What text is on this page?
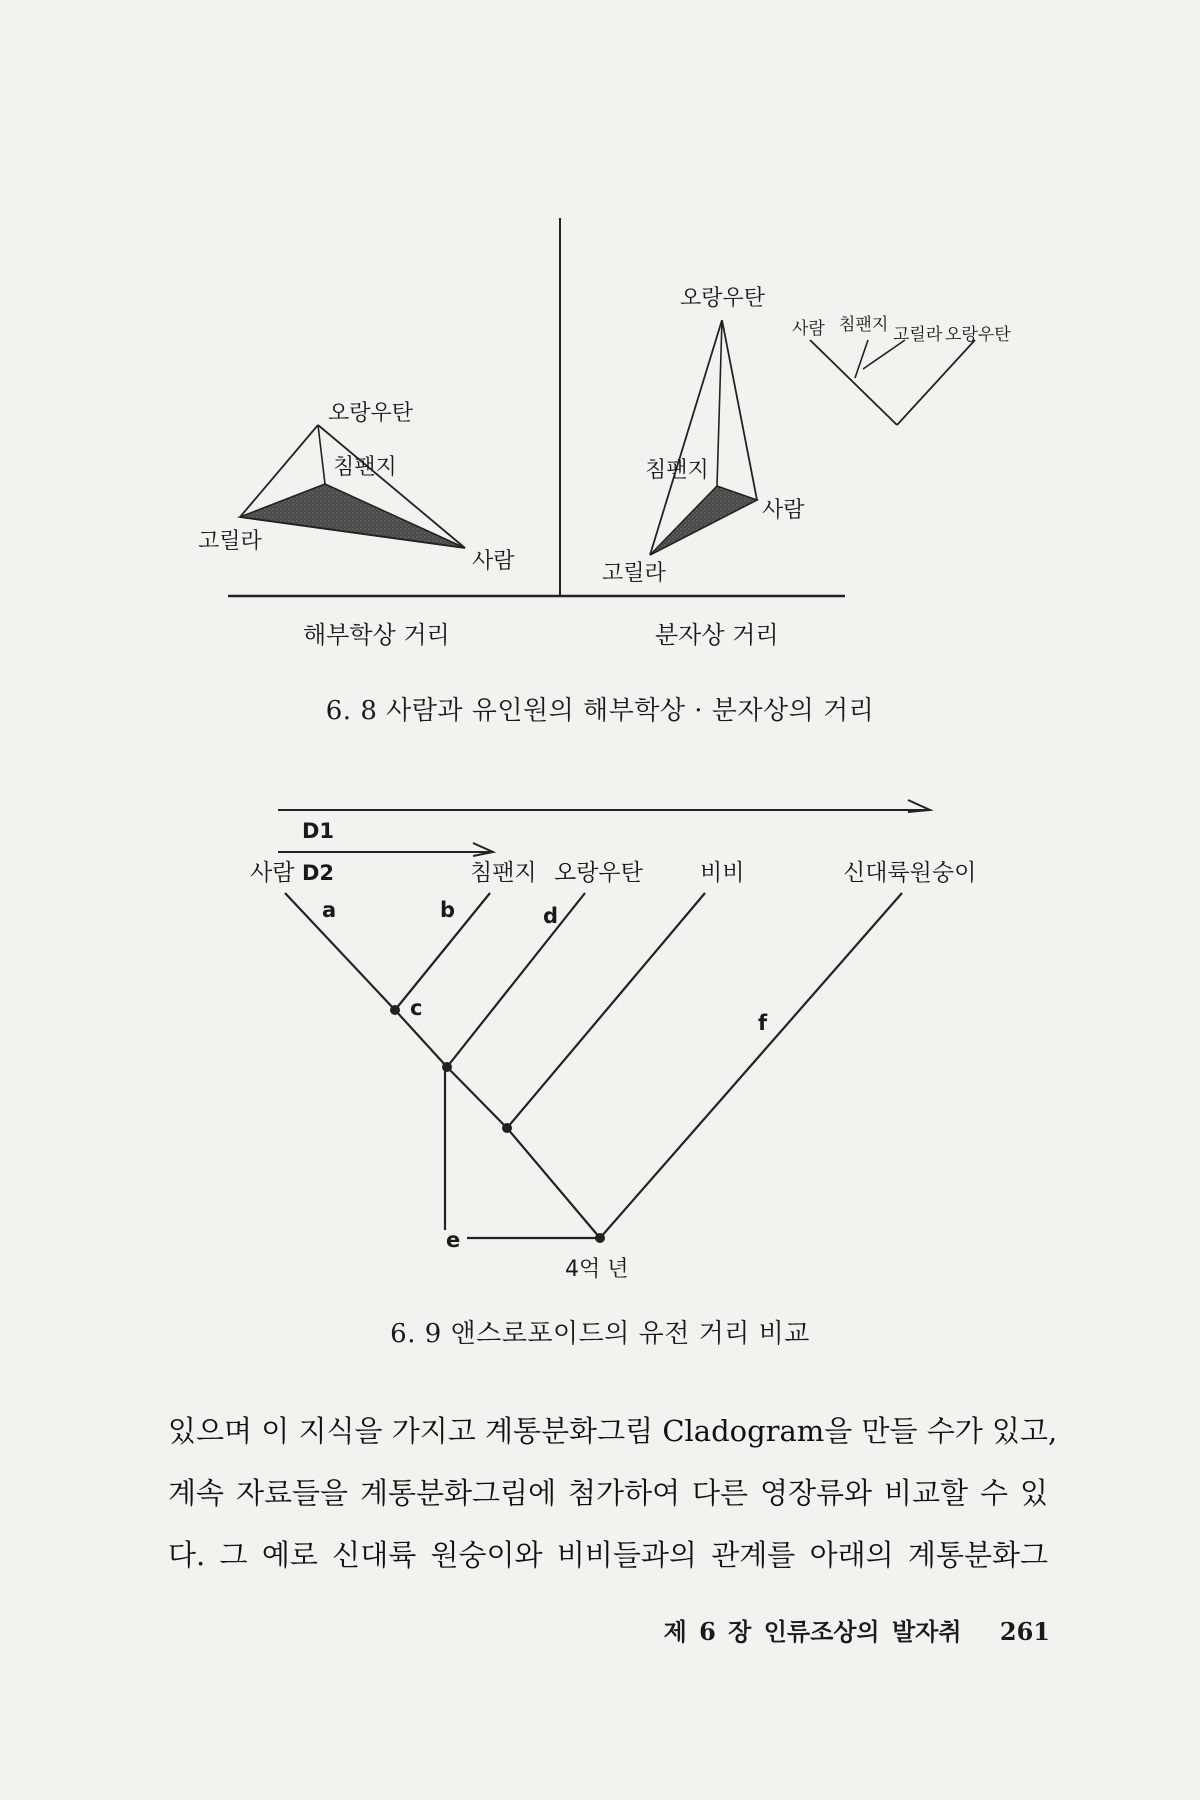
오랑우탄
침팬지
고릴라
사람
오랑우탄
침팬지
고릴라
사람
사람 침팬지 고릴라 오랑우탄
해부학상 거리	분자상 거리
D1
D2
사람	침팬지 오랑우탄 비비	신대륙원숭이
a	b
c
d
e
f
4억 년
6. 8 사람과 유인원의 해부학상 · 분자상의 거리
6. 9 앤스로포이드의 유전 거리 비교
있으며 이 지식을 가지고 계통분화그림 Cladogram을 만들 수가 있고,
계속 자료들을 계통분화그림에 첨가하여 다른 영장류와 비교할 수 있
다. 그 예로 신대륙 원숭이와 비비들과의 관계를 아래의 계통분화그
제 6 장 인류조상의 발자취 261
